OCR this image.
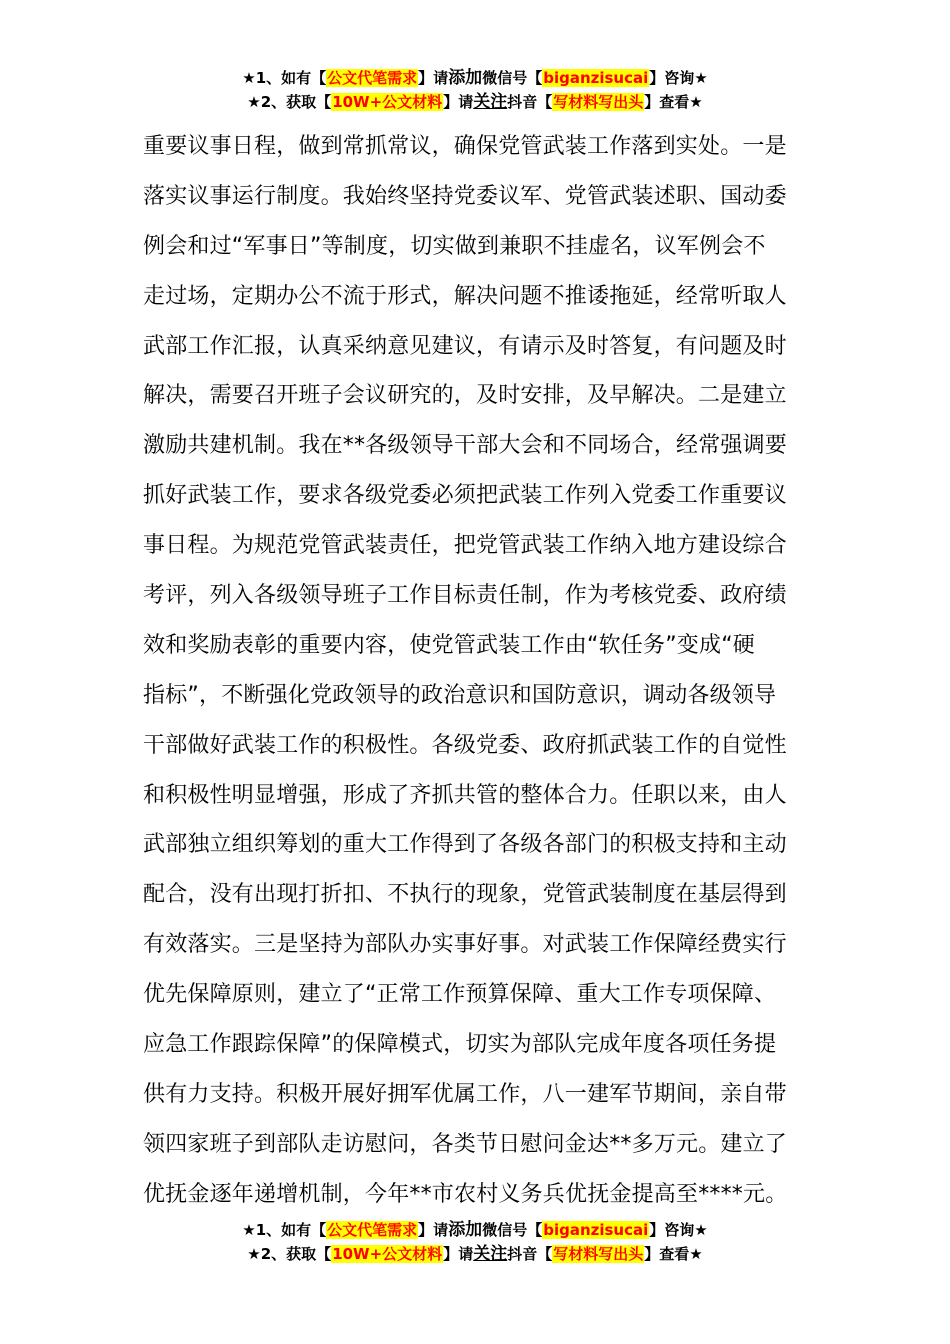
★1、如有【公文代笔需求】请添加微信号【biganzisucai】咨询★
★2、获取【10W+公文材料】请关注抖音【写材料写出头】查看★
重要议事日程，做到常抓常议，确保党管武装工作落到实处。一是
落实议事运行制度。我始终坚持党委议军、党管武装述职、国动委
例会和过“军事日”等制度，切实做到兼职不挂虚名，议军例会不
走过场，定期办公不流于形式，解决问题不推诿拖延，经常听取人
武部工作汇报，认真采纳意见建议，有请示及时答复，有问题及时
解决，需要召开班子会议研究的，及时安排，及早解决。二是建立
激励共建机制。我在**各级领导干部大会和不同场合，经常强调要
抓好武装工作，要求各级党委必须把武装工作列入党委工作重要议
事日程。为规范党管武装责任，把党管武装工作纳入地方建设综合
考评，列入各级领导班子工作目标责任制，作为考核党委、政府绩
效和奖励表彰的重要内容，使党管武装工作由“软任务”变成“硬
指标”，不断强化党政领导的政治意识和国防意识，调动各级领导
干部做好武装工作的积极性。各级党委、政府抓武装工作的自觉性
和积极性明显增强，形成了齐抓共管的整体合力。任职以来，由人
武部独立组织筹划的重大工作得到了各级各部门的积极支持和主动
配合，没有出现打折扣、不执行的现象，党管武装制度在基层得到
有效落实。三是坚持为部队办实事好事。对武装工作保障经费实行
优先保障原则，建立了“正常工作预算保障、重大工作专项保障、
应急工作跟踪保障”的保障模式，切实为部队完成年度各项任务提
供有力支持。积极开展好拥军优属工作，八一建军节期间，亲自带
领四家班子到部队走访慰问，各类节日慰问金达**多万元。建立了
优抚金逐年递增机制，今年**市农村义务兵优抚金提高至****元。
★1、如有【公文代笔需求】请添加微信号【biganzisucai】咨询★
★2、获取【10W+公文材料】请关注抖音【写材料写出头】查看★
